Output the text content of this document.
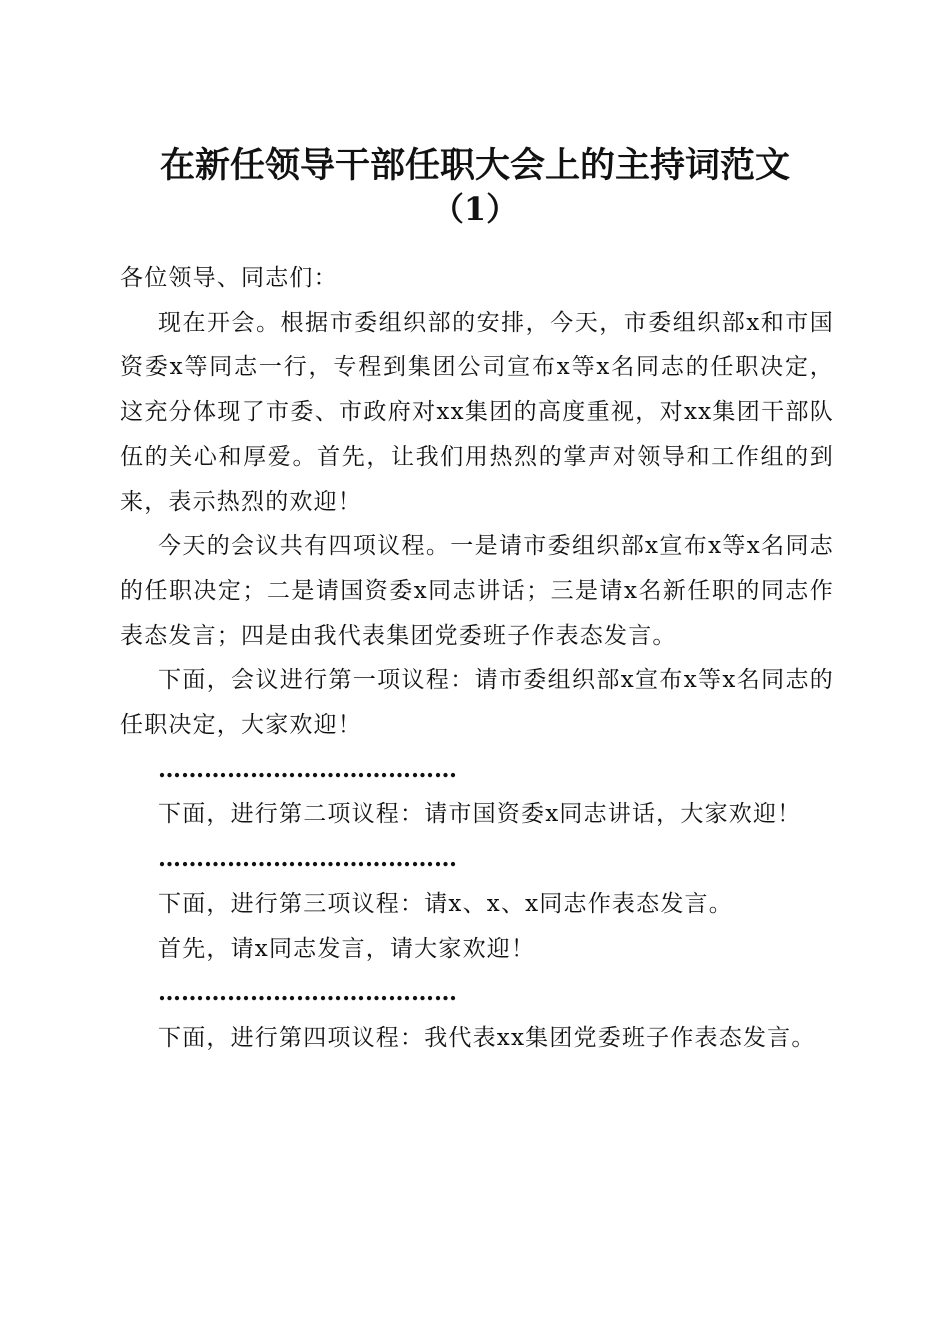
在新任领导干部任职大会上的主持词范文
（1）

各位领导、同志们：

现在开会。根据市委组织部的安排，今天，市委组织部x和市国资委x等同志一行，专程到集团公司宣布x等x名同志的任职决定，这充分体现了市委、市政府对xx集团的高度重视，对xx集团干部队伍的关心和厚爱。首先，让我们用热烈的掌声对领导和工作组的到来，表示热烈的欢迎！

今天的会议共有四项议程。一是请市委组织部x宣布x等x名同志的任职决定；二是请国资委x同志讲话；三是请x名新任职的同志作表态发言；四是由我代表集团党委班子作表态发言。

下面，会议进行第一项议程：请市委组织部x宣布x等x名同志的任职决定，大家欢迎！

…………………………………

下面，进行第二项议程：请市国资委x同志讲话，大家欢迎！

…………………………………

下面，进行第三项议程：请x、x、x同志作表态发言。

首先，请x同志发言，请大家欢迎！

…………………………………

下面，进行第四项议程：我代表xx集团党委班子作表态发言。
